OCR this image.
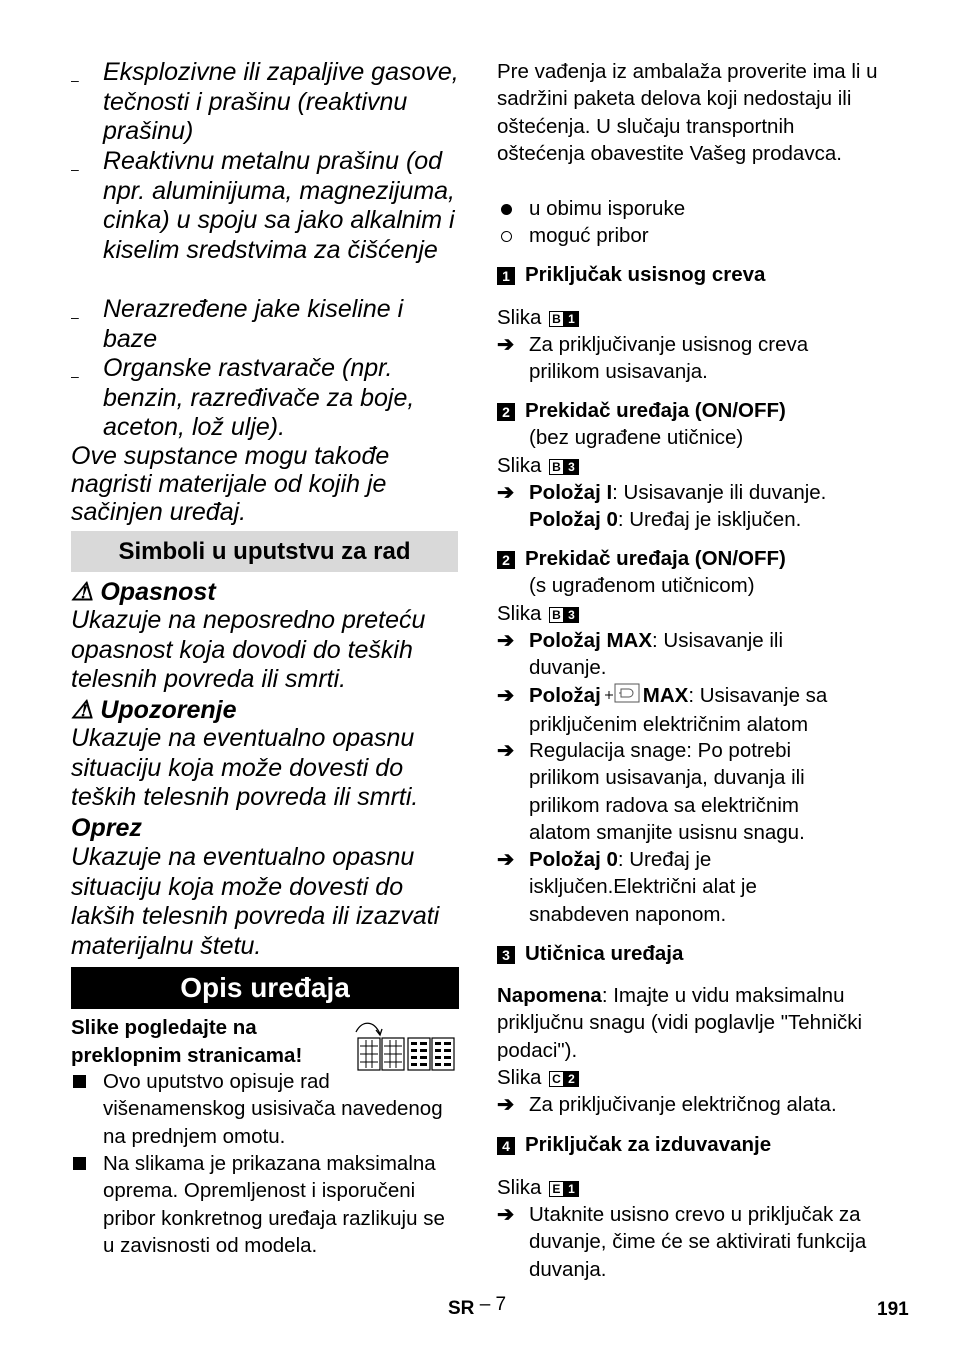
– Eksplozivne ili zapaljive gasove, tečnosti i prašinu (reaktivnu prašinu)
– Reaktivnu metalnu prašinu (od npr. aluminijuma, magnezijuma, cinka) u spoju sa jako alkalnim i kiselim sredstvima za čišćenje
– Nerazređene jake kiseline i baze
– Organske rastvarače (npr. benzin, razređivače za boje, aceton, lož ulje).
Ove supstance mogu takođe nagristi materijale od kojih je sačinjen uređaj.
Simboli u uputstvu za rad
⚠ Opasnost
Ukazuje na neposredno preteću opasnost koja dovodi do teških telesnih povreda ili smrti.
⚠ Upozorenje
Ukazuje na eventualno opasnu situaciju koja može dovesti do teških telesnih povreda ili smrti.
Oprez
Ukazuje na eventualno opasnu situaciju koja može dovesti do lakših telesnih povreda ili izazvati materijalnu štetu.
Opis uređaja
Slike pogledajte na preklopnim stranicama!
Ovo uputstvo opisuje rad višenamenskog usisivača navedenog na prednjem omotu.
Na slikama je prikazana maksimalna oprema. Opremljenost i isporučeni pribor konkretnog uređaja razlikuju se u zavisnosti od modela.
Pre vađenja iz ambalaža proverite ima li u sadržini paketa delova koji nedostaju ili oštećenja. U slučaju transportnih oštećenja obavestite Vašeg prodavca.
u obimu isporuke
moguć pribor
1 Priključak usisnog creva
Slika B 1
➔ Za priključivanje usisnog creva prilikom usisavanja.
2 Prekidač uređaja (ON/OFF)
(bez ugrađene utičnice)
Slika B 3
➔ Položaj I: Usisavanje ili duvanje.
Položaj 0: Uređaj je isključen.
2 Prekidač uređaja (ON/OFF)
(s ugrađenom utičnicom)
Slika B 3
➔ Položaj MAX: Usisavanje ili duvanje.
➔ Položaj MAX: Usisavanje sa priključenim električnim alatom
➔ Regulacija snage: Po potrebi prilikom usisavanja, duvanja ili prilikom radova sa električnim alatom smanjite usisnu snagu.
➔ Položaj 0: Uređaj je isključen.Električni alat je snabdeven naponom.
3 Utičnica uređaja
Napomena: Imajte u vidu maksimalnu priključnu snagu (vidi poglavlje "Tehnički podaci").
Slika C 2
➔ Za priključivanje električnog alata.
4 Priključak za izduvavanje
Slika E 1
➔ Utaknite usisno crevo u priključak za duvanje, čime će se aktivirati funkcija duvanja.
SR – 7	191
